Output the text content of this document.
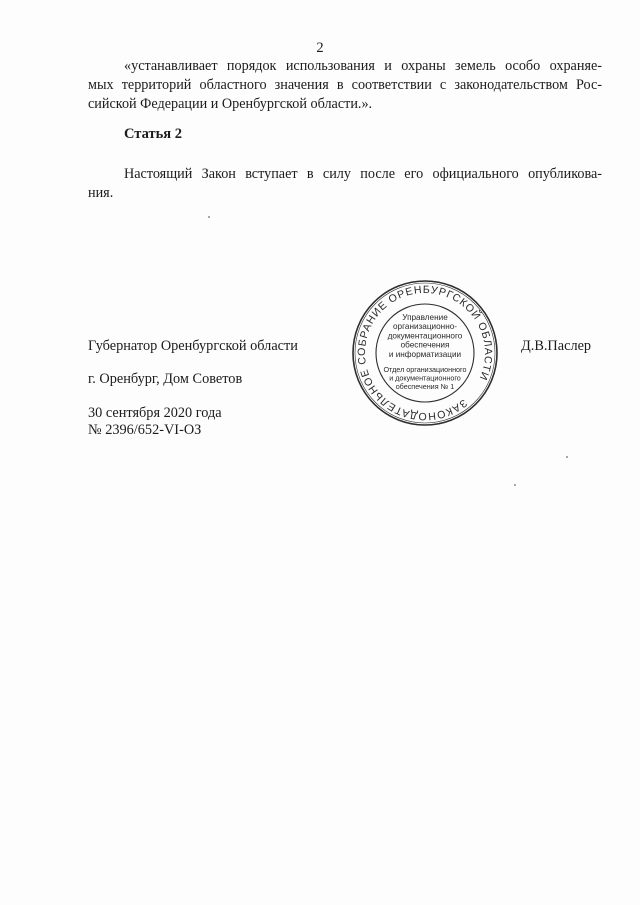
2
«устанавливает порядок использования и охраны земель особо охраняе-
мых территорий областного значения в соответствии с законодательством Рос-
сийской Федерации и Оренбургской области.».
Статья 2
Настоящий Закон вступает в силу после его официального опубликова-
ния.
Губернатор Оренбургской области	Д.В.Паслер
г. Оренбург, Дом Советов
30 сентября 2020 года
№ 2396/652-VI-ОЗ
ЗАКОНОДАТЕЛЬНОЕ СОБРАНИЕ ОРЕНБУРГСКОЙ ОБЛАСТИ
Управление
организационно-
документационного
обеспечения
и информатизации
Отдел организационного
и документационного
обеспечения № 1
